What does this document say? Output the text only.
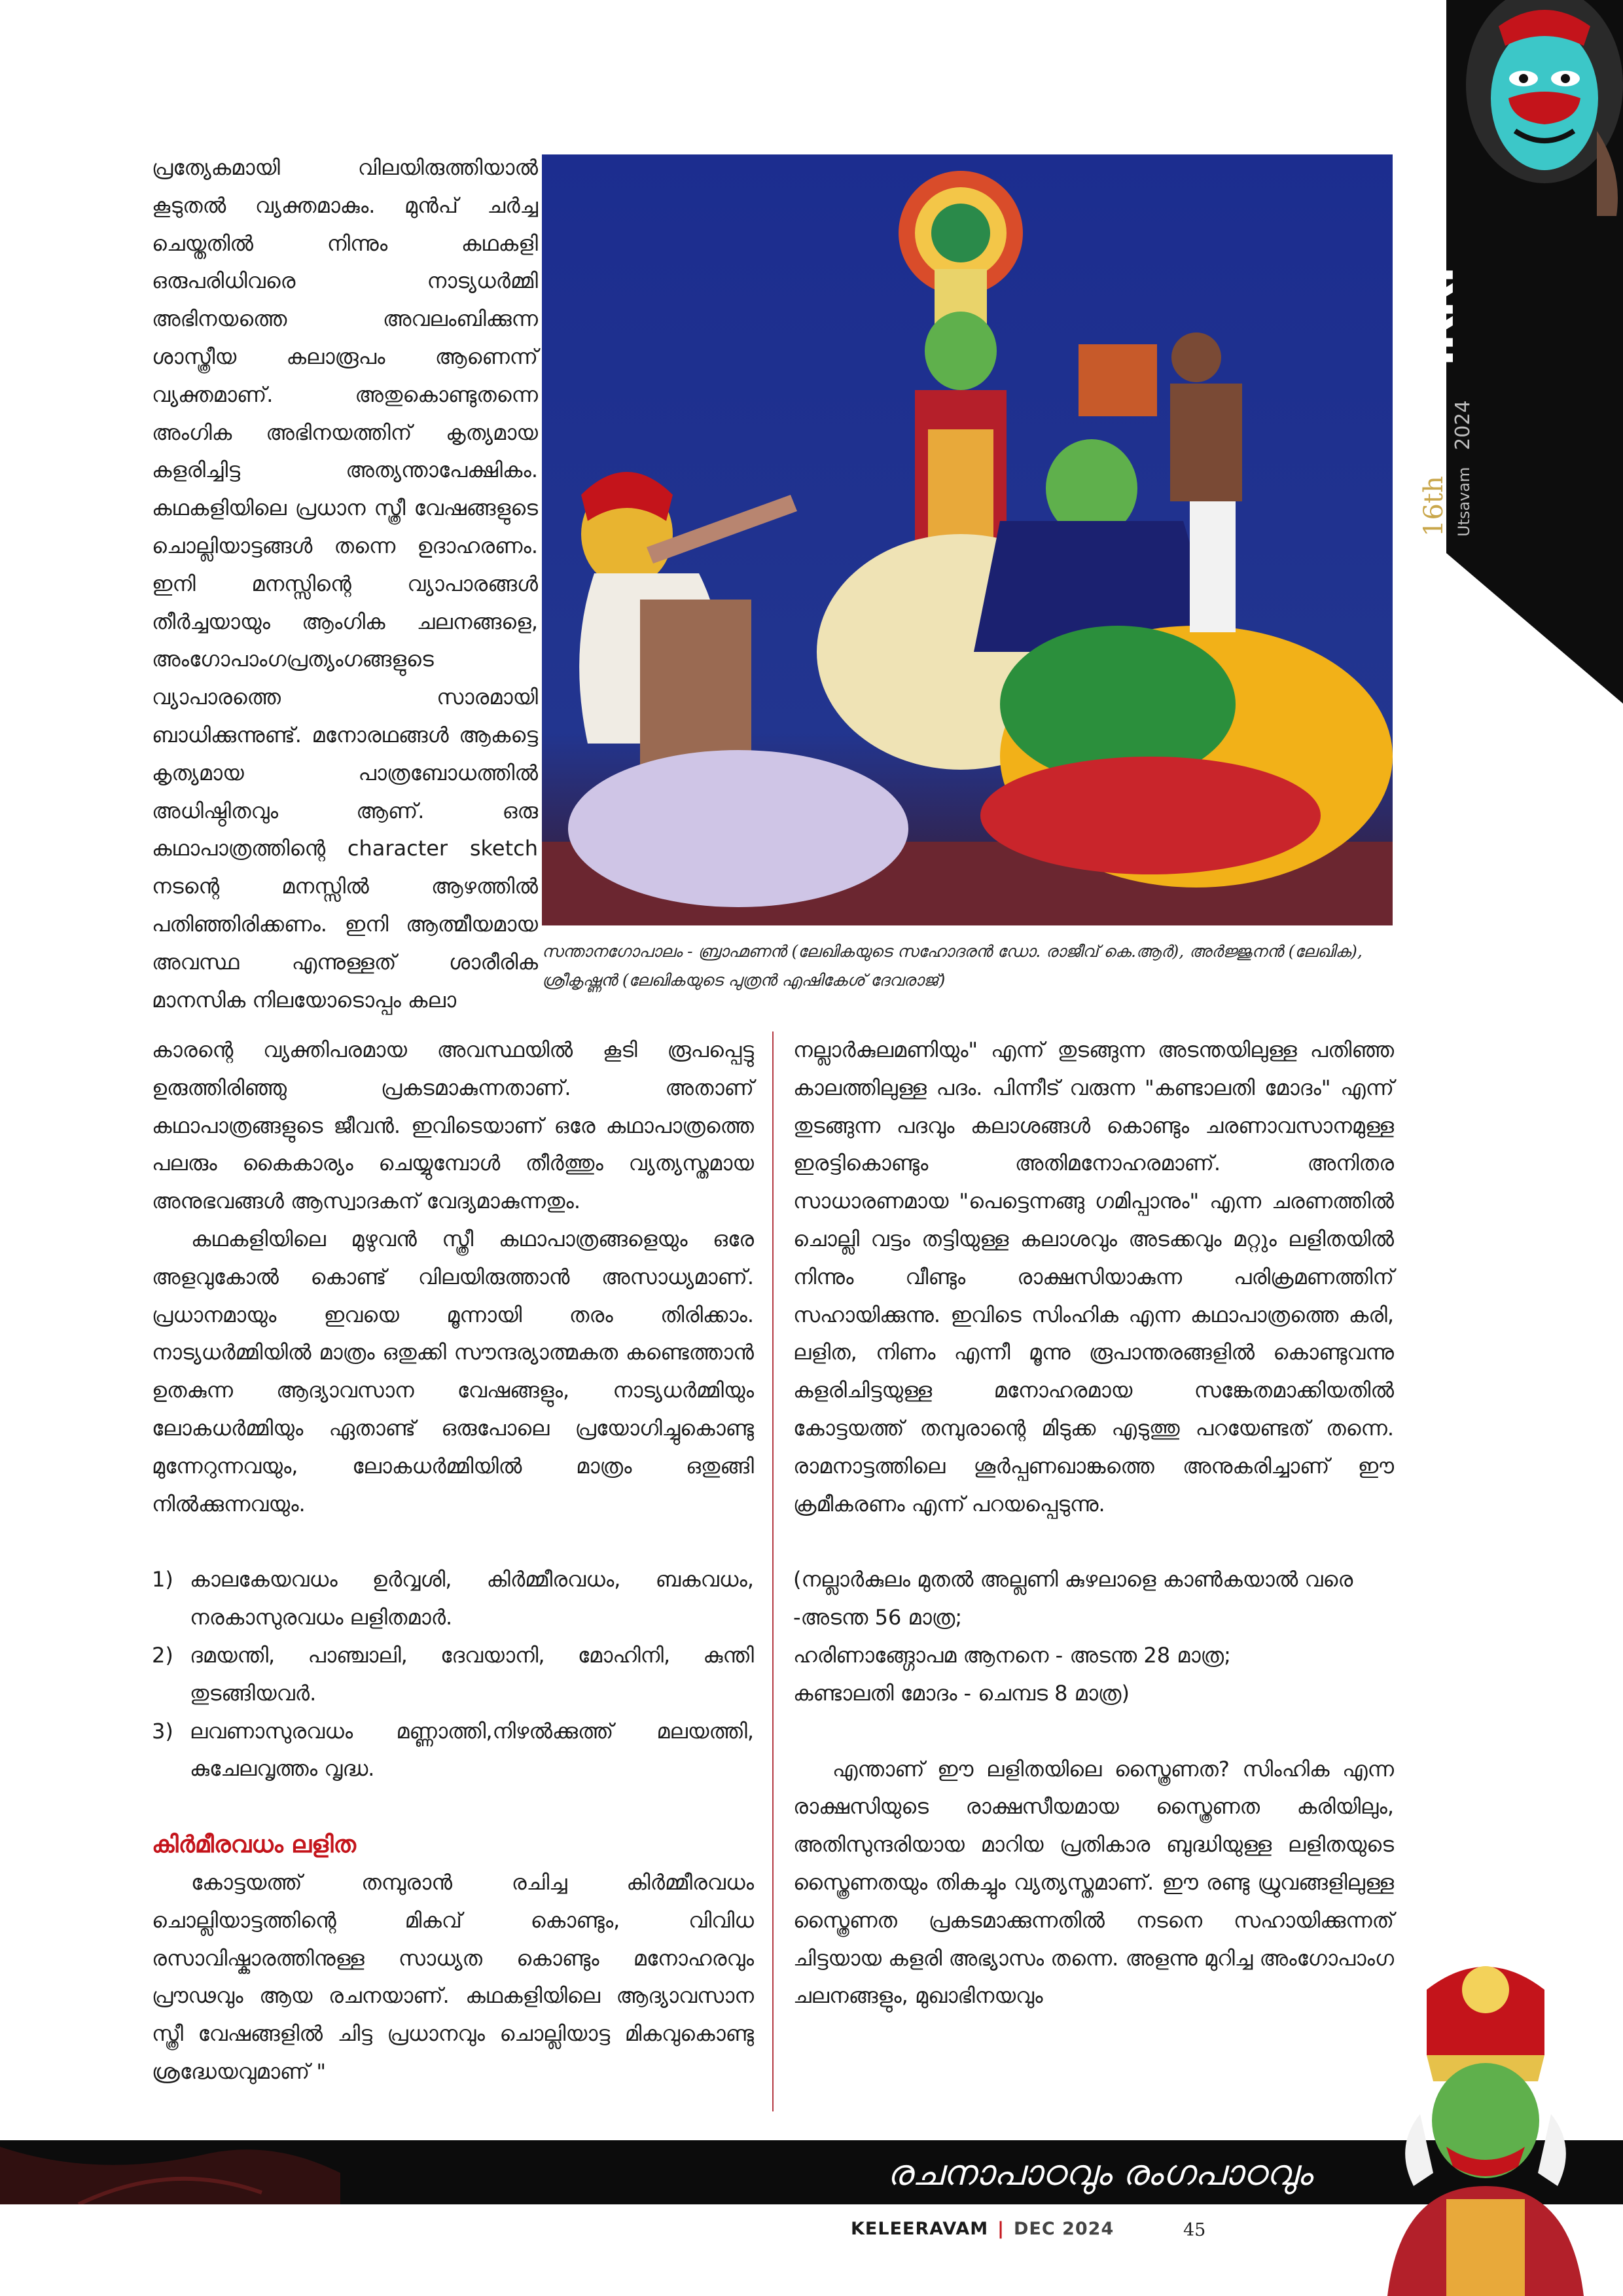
ikkf
16th Utsavam 2024
സന്താനഗോപാലം - ബ്രാഹ്മണൻ (ലേഖികയുടെ സഹോദരൻ ഡോ. രാജീവ് കെ.ആർ), അർജ്ജുനൻ (ലേഖിക), ശ്രീകൃഷ്ണൻ (ലേഖികയുടെ പുത്രൻ എഷികേശ് ദേവരാജ്)

പ്രത്യേകമായി വിലയിരുത്തിയാൽ കൂടുതൽ വ്യക്തമാകും. മുൻപ് ചർച്ച ചെയ്തതിൽ നിന്നും കഥകളി ഒരുപരിധിവരെ നാട്യധർമ്മി അഭിനയത്തെ അവലംബിക്കുന്ന ശാസ്ത്രീയ കലാരൂപം ആണെന്ന് വ്യക്തമാണ്. അതുകൊണ്ടുതന്നെ അംഗിക അഭിനയത്തിന് കൃത്യമായ കളരിച്ചിട്ട അത്യന്താപേക്ഷികം. കഥകളിയിലെ പ്രധാന സ്ത്രീ വേഷങ്ങളുടെ ചൊല്ലിയാട്ടങ്ങൾ തന്നെ ഉദാഹരണം. ഇനി മനസ്സിന്റെ വ്യാപാരങ്ങൾ തീർച്ചയായും ആംഗിക ചലനങ്ങളെ, അംഗോപാംഗപ്രത്യംഗങ്ങളുടെ വ്യാപാരത്തെ സാരമായി ബാധിക്കുന്നുണ്ട്. മനോരഥങ്ങൾ ആകട്ടെ കൃത്യമായ പാത്രബോധത്തിൽ അധിഷ്ഠിതവും ആണ്. ഒരു കഥാപാത്രത്തിന്റെ character sketch നടന്റെ മനസ്സിൽ ആഴത്തിൽ പതിഞ്ഞിരിക്കണം. ഇനി ആത്മീയമായ അവസ്ഥ എന്നുള്ളത് ശാരീരിക മാനസിക നിലയോടൊപ്പം കലാ

കാരന്റെ വ്യക്തിപരമായ അവസ്ഥയിൽ കൂടി രൂപപ്പെട്ടു ഉരുത്തിരിഞ്ഞു പ്രകടമാകുന്നതാണ്. അതാണ് കഥാപാത്രങ്ങളുടെ ജീവൻ. ഇവിടെയാണ് ഒരേ കഥാപാത്രത്തെ പലരും കൈകാര്യം ചെയ്യുമ്പോൾ തീർത്തും വ്യത്യസ്തമായ അനുഭവങ്ങൾ ആസ്വാദകന് വേദ്യമാകുന്നതും.

കഥകളിയിലെ മുഴുവൻ സ്ത്രീ കഥാപാത്രങ്ങളെയും ഒരേ അളവുകോൽ കൊണ്ട് വിലയിരുത്താൻ അസാധ്യമാണ്. പ്രധാനമായും ഇവയെ മൂന്നായി തരം തിരിക്കാം. നാട്യധർമ്മിയിൽ മാത്രം ഒതുക്കി സൗന്ദര്യാത്മകത കണ്ടെത്താൻ ഉതകുന്ന ആദ്യാവസാന വേഷങ്ങളും, നാട്യധർമ്മിയും ലോകധർമ്മിയും ഏതാണ്ട് ഒരുപോലെ പ്രയോഗിച്ചുകൊണ്ടു മുന്നേറുന്നവയും, ലോകധർമ്മിയിൽ മാത്രം ഒതുങ്ങി നിൽക്കുന്നവയും.

1) കാലകേയവധം ഉർവ്വശി, കിർമ്മീരവധം, ബകവധം, നരകാസുരവധം ലളിതമാർ.
2) ദമയന്തി, പാഞ്ചാലി, ദേവയാനി, മോഹിനി, കുന്തി തുടങ്ങിയവർ.
3) ലവണാസുരവധം മണ്ണാത്തി,നിഴൽക്കുത്ത് മലയത്തി, കുചേലവൃത്തം വൃദ്ധ.

കിർമീരവധം ലളിത

കോട്ടയത്ത് തമ്പുരാൻ രചിച്ച കിർമ്മീരവധം ചൊല്ലിയാട്ടത്തിന്റെ മികവ് കൊണ്ടും, വിവിധ രസാവിഷ്കാരത്തിനുള്ള സാധ്യത കൊണ്ടും മനോഹരവും പ്രൗഢവും ആയ രചനയാണ്. കഥകളിയിലെ ആദ്യാവസാന സ്ത്രീ വേഷങ്ങളിൽ ചിട്ട പ്രധാനവും ചൊല്ലിയാട്ട മികവുകൊണ്ടു ശ്രദ്ധേയവുമാണ് "

നല്ലാർകുലമണിയും" എന്ന് തുടങ്ങുന്ന അടന്തയിലുള്ള പതിഞ്ഞ കാലത്തിലുള്ള പദം. പിന്നീട് വരുന്ന "കണ്ടാലതി മോദം" എന്ന് തുടങ്ങുന്ന പദവും കലാശങ്ങൾ കൊണ്ടും ചരണാവസാനമുള്ള ഇരട്ടികൊണ്ടും അതിമനോഹരമാണ്. അനിതര സാധാരണമായ "പെട്ടെന്നങ്ങു ഗമിപ്പാനും" എന്ന ചരണത്തിൽ ചൊല്ലി വട്ടം തട്ടിയുള്ള കലാശവും അടക്കവും മറ്റും ലളിതയിൽ നിന്നും വീണ്ടും രാക്ഷസിയാകുന്ന പരിക്രമണത്തിന് സഹായിക്കുന്നു. ഇവിടെ സിംഹിക എന്ന കഥാപാത്രത്തെ കരി, ലളിത, നിണം എന്നീ മൂന്നു രൂപാന്തരങ്ങളിൽ കൊണ്ടുവന്നു കളരിചിട്ടയുള്ള മനോഹരമായ സങ്കേതമാക്കിയതിൽ കോട്ടയത്ത് തമ്പുരാന്റെ മിടുക്ക എടുത്തു പറയേണ്ടത് തന്നെ. രാമനാട്ടത്തിലെ ശൂർപ്പണഖാങ്കത്തെ അനുകരിച്ചാണ് ഈ ക്രമീകരണം എന്ന് പറയപ്പെടുന്നു.

(നല്ലാർകുലം മുതൽ അല്ലണി കുഴലാളെ കാൺകയാൽ വരെ
-അടന്ത 56 മാത്ര;
ഹരിണാങ്ങ്ഗോപമ ആനനെ - അടന്ത 28 മാത്ര;
കണ്ടാലതി മോദം - ചെമ്പട 8 മാത്ര)

എന്താണ് ഈ ലളിതയിലെ സ്ത്രൈണത? സിംഹിക എന്ന രാക്ഷസിയുടെ രാക്ഷസീയമായ സ്ത്രൈണത കരിയിലും, അതിസുന്ദരിയായ മാറിയ പ്രതികാര ബുദ്ധിയുള്ള ലളിതയുടെ സ്ത്രൈണതയും തികച്ചും വ്യത്യസ്തമാണ്. ഈ രണ്ടു ധ്രുവങ്ങളിലുള്ള സ്ത്രൈണത പ്രകടമാക്കുന്നതിൽ നടനെ സഹായിക്കുന്നത് ചിട്ടയായ കളരി അഭ്യാസം തന്നെ. അളന്നു മുറിച്ച അംഗോപാംഗ ചലനങ്ങളും, മുഖാഭിനയവും

രചനാപാഠവും രംഗപാഠവും
KELEERAVAM | DEC 2024	45
